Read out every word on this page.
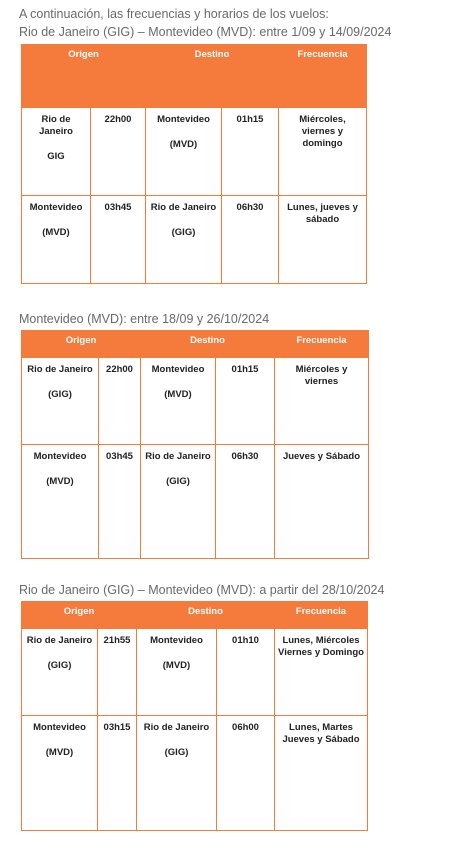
A continuación, las frecuencias y horarios de los vuelos:
Rio de Janeiro (GIG) – Montevideo (MVD): entre 1/09 y 14/09/2024
Origen		Destino		Frecuencia
Rio de Janeiro

GIG	22h00	Montevideo

(MVD)	01h15	Miércoles, viernes y domingo
Montevideo

(MVD)	03h45	Rio de Janeiro

(GIG)	06h30	Lunes, jueves y sábado
Montevideo (MVD): entre 18/09 y 26/10/2024
Origen		Destino		Frecuencia
Rio de Janeiro

(GIG)	22h00	Montevideo

(MVD)	01h15	Miércoles y viernes
Montevideo

(MVD)	03h45	Rio de Janeiro

(GIG)	06h30	Jueves y Sábado
Rio de Janeiro (GIG) – Montevideo (MVD): a partir del 28/10/2024
Origen		Destino		Frecuencia
Rio de Janeiro

(GIG)	21h55	Montevideo

(MVD)	01h10	Lunes, Miércoles Viernes y Domingo
Montevideo

(MVD)	03h15	Rio de Janeiro

(GIG)	06h00	Lunes, Martes Jueves y Sábado
